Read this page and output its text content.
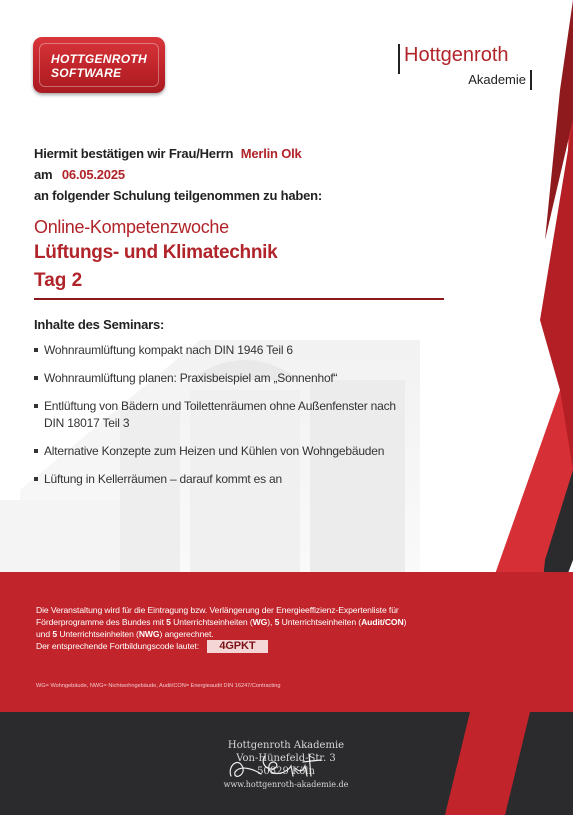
HOTTGENROTH
SOFTWARE
Hottgenroth
Akademie
Hiermit bestätigen wir Frau/Herrn Merlin Olk
am 06.05.2025
an folgender Schulung teilgenommen zu haben:
Online-Kompetenzwoche
Lüftungs- und Klimatechnik
Tag 2
Inhalte des Seminars:
Wohnraumlüftung kompakt nach DIN 1946 Teil 6
Wohnraumlüftung planen: Praxisbeispiel am „Sonnenhof“
Entlüftung von Bädern und Toilettenräumen ohne Außenfenster nach DIN 18017 Teil 3
Alternative Konzepte zum Heizen und Kühlen von Wohngebäuden
Lüftung in Kellerräumen – darauf kommt es an
Die Veranstaltung wird für die Eintragung bzw. Verlängerung der Energieeffizienz-Expertenliste für
Förderprogramme des Bundes mit 5 Unterrichtseinheiten (WG), 5 Unterrichtseinheiten (Audit/CON)
und 5 Unterrichtseinheiten (NWG) angerechnet.
Der entsprechende Fortbildungscode lautet: 4GPKT
WG= Wohngebäude, NWG= Nichtwohngebäude, Audit/CON= Energieaudit DIN 16247/Contracting
Hottgenroth Akademie
Von-Hünefeld-Str. 3
50829 Köln
www.hottgenroth-akademie.de
